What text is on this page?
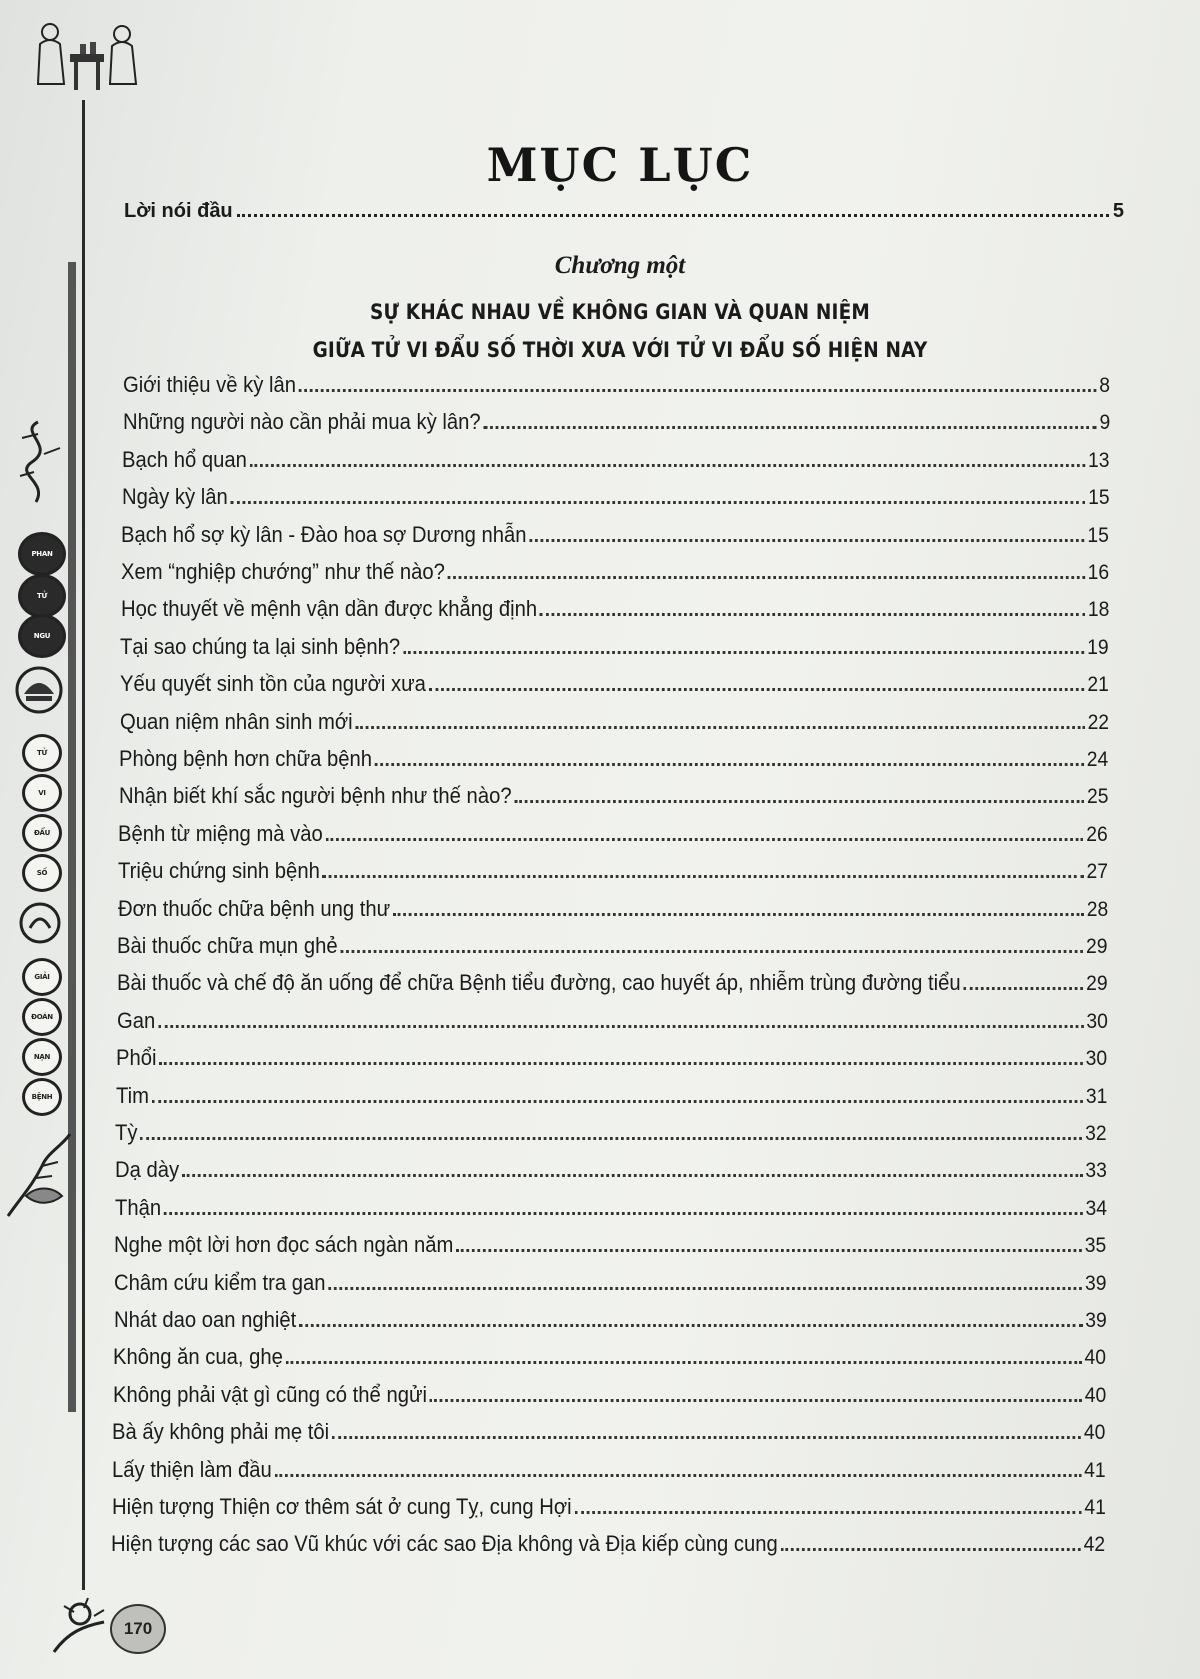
PHAN
TỬ
NGU
TỬ
VI
ĐẨU
SỐ
GIẢI
ĐOÁN
NẠN
BỆNH
170
MỤC LỤC
Lời nói đầu	5
Chương một
SỰ KHÁC NHAU VỀ KHÔNG GIAN VÀ QUAN NIỆM
GIỮA TỬ VI ĐẨU SỐ THỜI XƯA VỚI TỬ VI ĐẨU SỐ HIỆN NAY
Giới thiệu về kỳ lân	8
Những người nào cần phải mua kỳ lân?	9
Bạch hổ quan	13
Ngày kỳ lân	15
Bạch hổ sợ kỳ lân - Đào hoa sợ Dương nhẫn	15
Xem “nghiệp chướng” như thế nào?	16
Học thuyết về mệnh vận dần được khẳng định	18
Tại sao chúng ta lại sinh bệnh?	19
Yếu quyết sinh tồn của người xưa	21
Quan niệm nhân sinh mới	22
Phòng bệnh hơn chữa bệnh	24
Nhận biết khí sắc người bệnh như thế nào?	25
Bệnh từ miệng mà vào	26
Triệu chứng sinh bệnh	27
Đơn thuốc chữa bệnh ung thư	28
Bài thuốc chữa mụn ghẻ	29
Bài thuốc và chế độ ăn uống để chữa Bệnh tiểu đường, cao huyết áp, nhiễm trùng đường tiểu	29
Gan	30
Phổi	30
Tim	31
Tỳ	32
Dạ dày	33
Thận	34
Nghe một lời hơn đọc sách ngàn năm	35
Châm cứu kiểm tra gan	39
Nhát dao oan nghiệt	39
Không ăn cua, ghẹ	40
Không phải vật gì cũng có thể ngửi	40
Bà ấy không phải mẹ tôi	40
Lấy thiện làm đầu	41
Hiện tượng Thiện cơ thêm sát ở cung Tỵ, cung Hợi	41
Hiện tượng các sao Vũ khúc với các sao Địa không và Địa kiếp cùng cung	42
